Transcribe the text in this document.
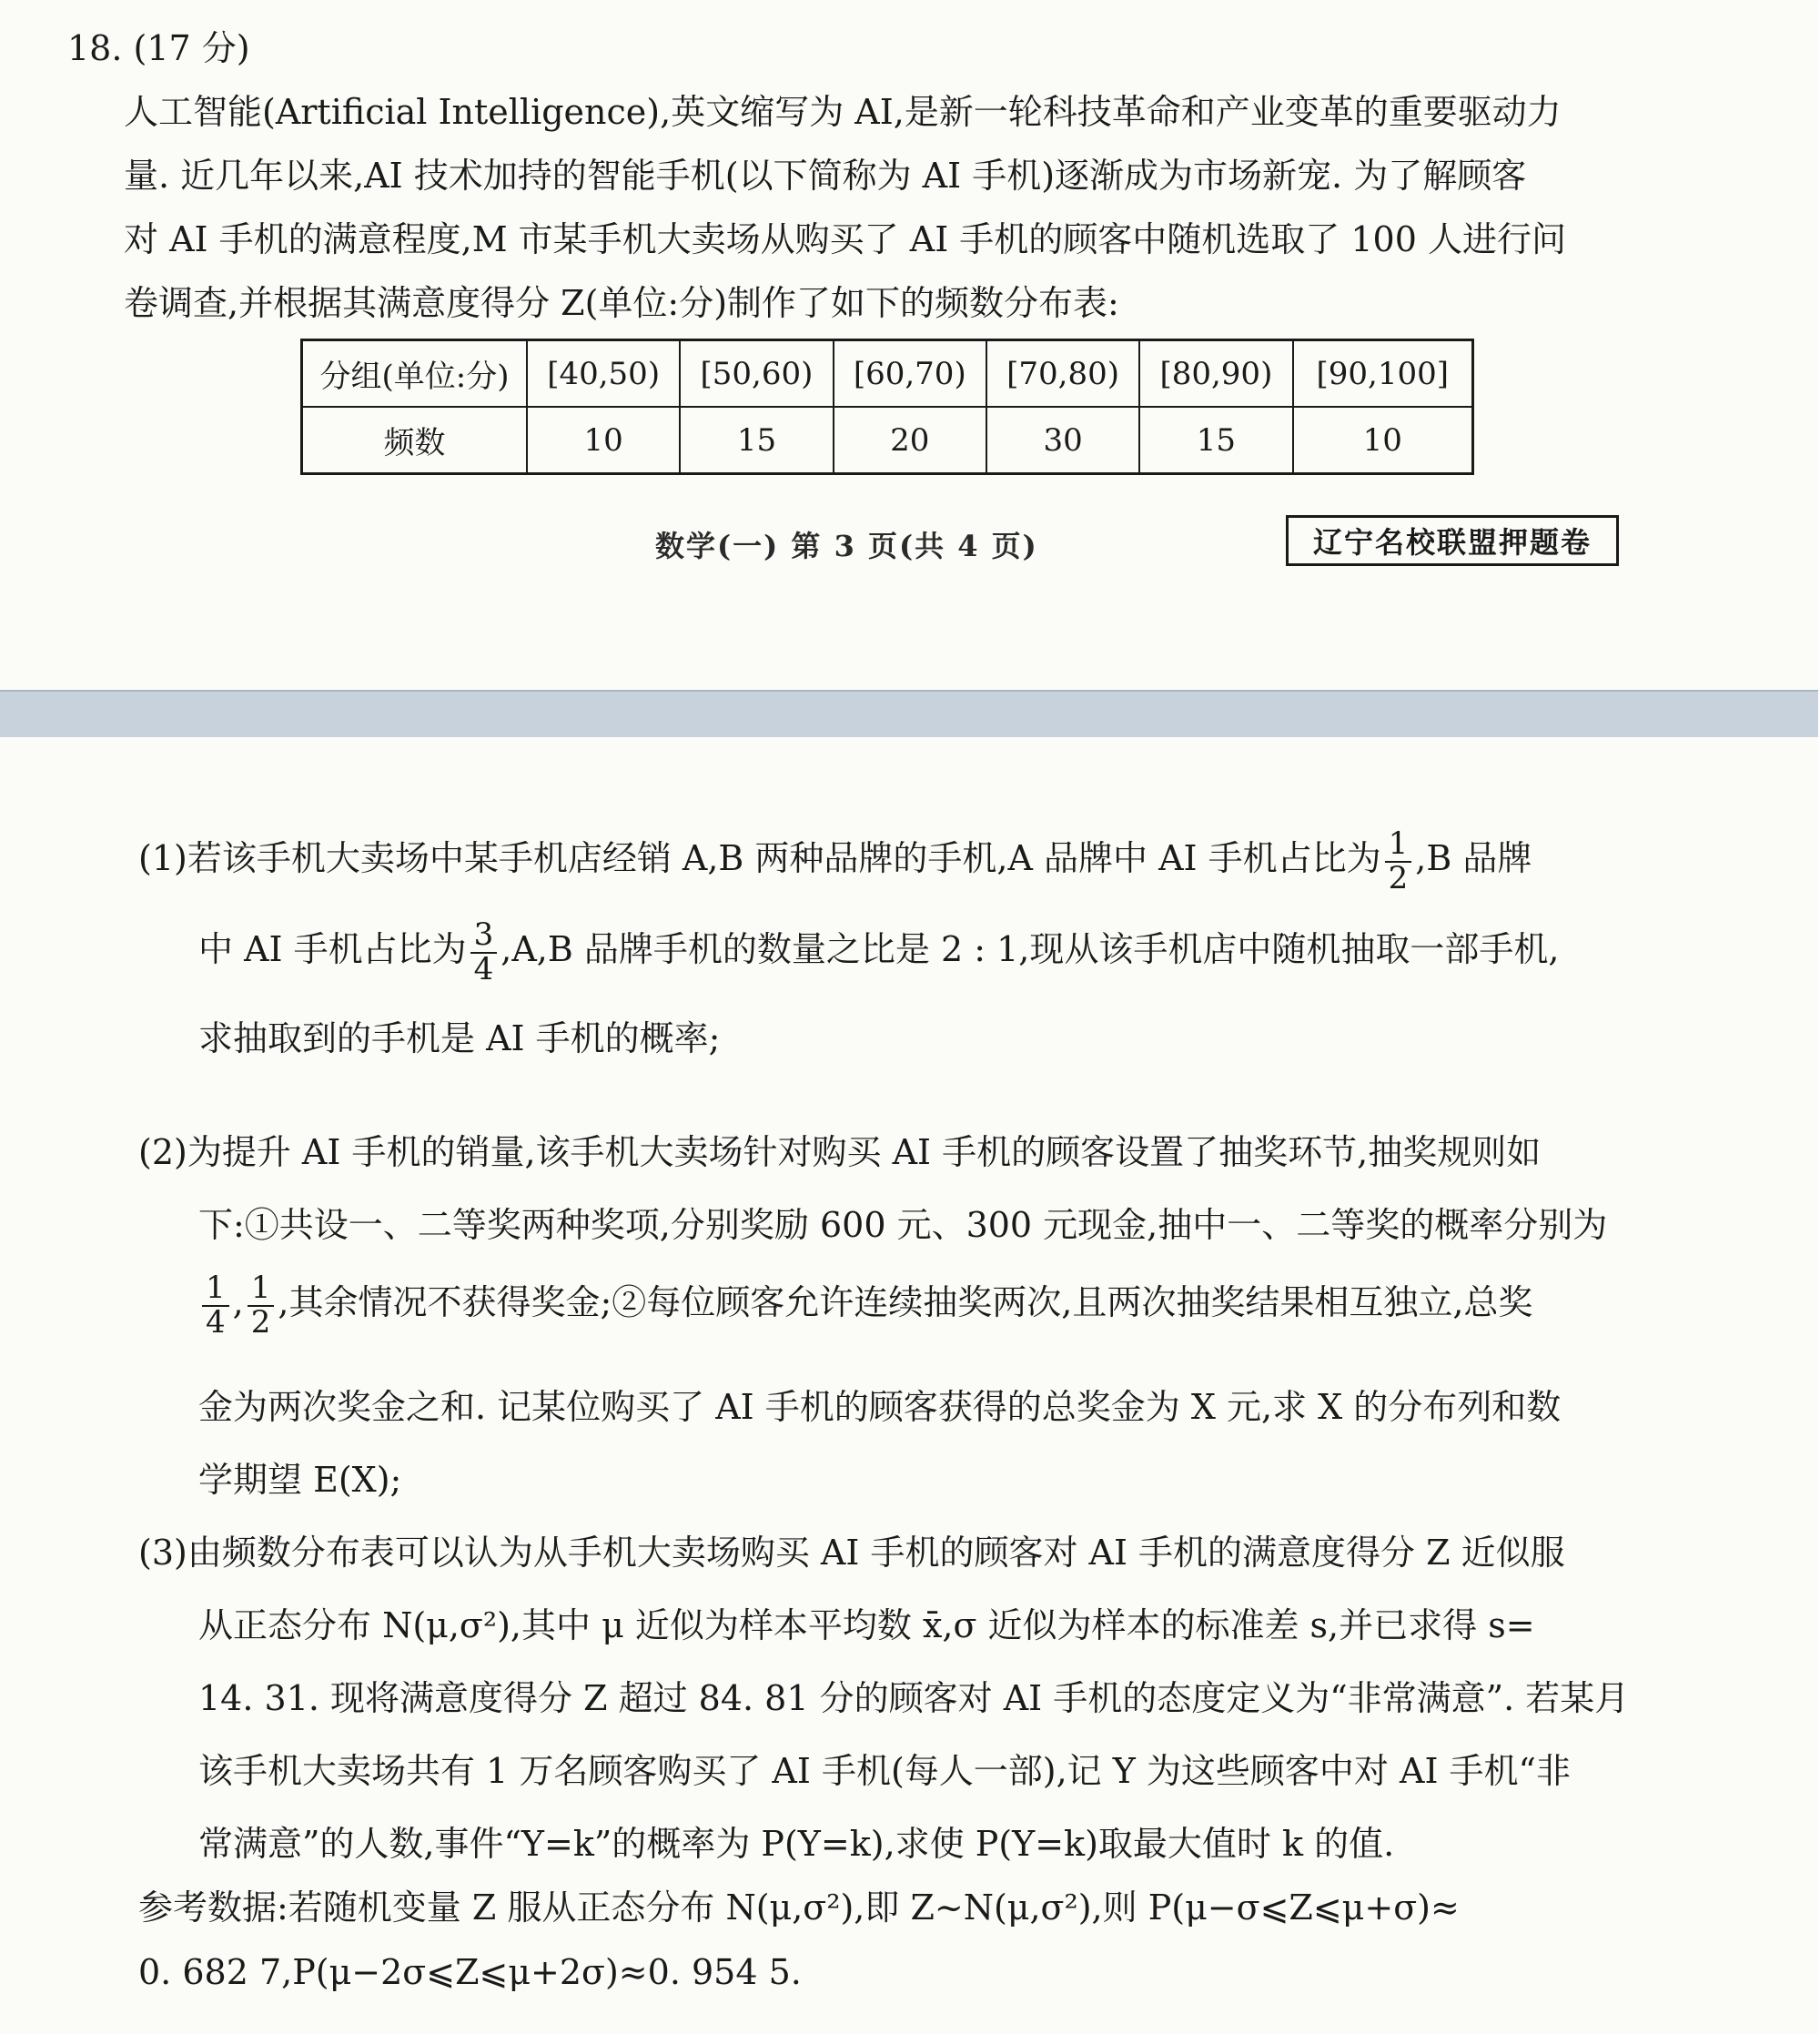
18. (17 分)
人工智能(Artificial Intelligence),英文缩写为 AI,是新一轮科技革命和产业变革的重要驱动力
量. 近几年以来,AI 技术加持的智能手机(以下简称为 AI 手机)逐渐成为市场新宠. 为了解顾客
对 AI 手机的满意程度,M 市某手机大卖场从购买了 AI 手机的顾客中随机选取了 100 人进行问
卷调查,并根据其满意度得分 Z(单位:分)制作了如下的频数分布表:
分组(单位:分)	[40,50)	[50,60)	[60,70)	[70,80)	[80,90)	[90,100]
频数	10	15	20	30	15	10
数学(一) 第 3 页(共 4 页)	辽宁名校联盟押题卷
(1)若该手机大卖场中某手机店经销 A,B 两种品牌的手机,A 品牌中 AI 手机占比为 $\frac{1}{2} ,B$ 品牌
中 AI 手机占比为 $\frac{3}{4} ,A,B$ 品牌手机的数量之比是 2 : 1,现从该手机店中随机抽取一部手机,
求抽取到的手机是 AI 手机的概率;
(2)为提升 AI 手机的销量,该手机大卖场针对购买 AI 手机的顾客设置了抽奖环节,抽奖规则如
下:①共设一、二等奖两种奖项,分别奖励 600 元、300 元现金,抽中一、二等奖的概率分别为
$\frac{1}{4}$ , $\frac{1}{2}$ ,其余情况不获得奖金;②每位顾客允许连续抽奖两次,且两次抽奖结果相互独立,总奖
金为两次奖金之和. 记某位购买了 AI 手机的顾客获得的总奖金为 X 元,求 X 的分布列和数
学期望 E(X);
(3)由频数分布表可以认为从手机大卖场购买 AI 手机的顾客对 AI 手机的满意度得分 Z 近似服
从正态分布 N(μ,σ²),其中 μ 近似为样本平均数 x̄,σ 近似为样本的标准差 s,并已求得 s=
14. 31. 现将满意度得分 Z 超过 84. 81 分的顾客对 AI 手机的态度定义为“非常满意”. 若某月
该手机大卖场共有 1 万名顾客购买了 AI 手机(每人一部),记 Y 为这些顾客中对 AI 手机“非
常满意”的人数,事件“Y=k”的概率为 P(Y=k),求使 P(Y=k)取最大值时 k 的值.
参考数据:若随机变量 Z 服从正态分布 N(μ,σ²),即 Z~N(μ,σ²),则 P(μ−σ⩽Z⩽μ+σ)≈
0. 682 7,P(μ−2σ⩽Z⩽μ+2σ)≈0. 954 5.
